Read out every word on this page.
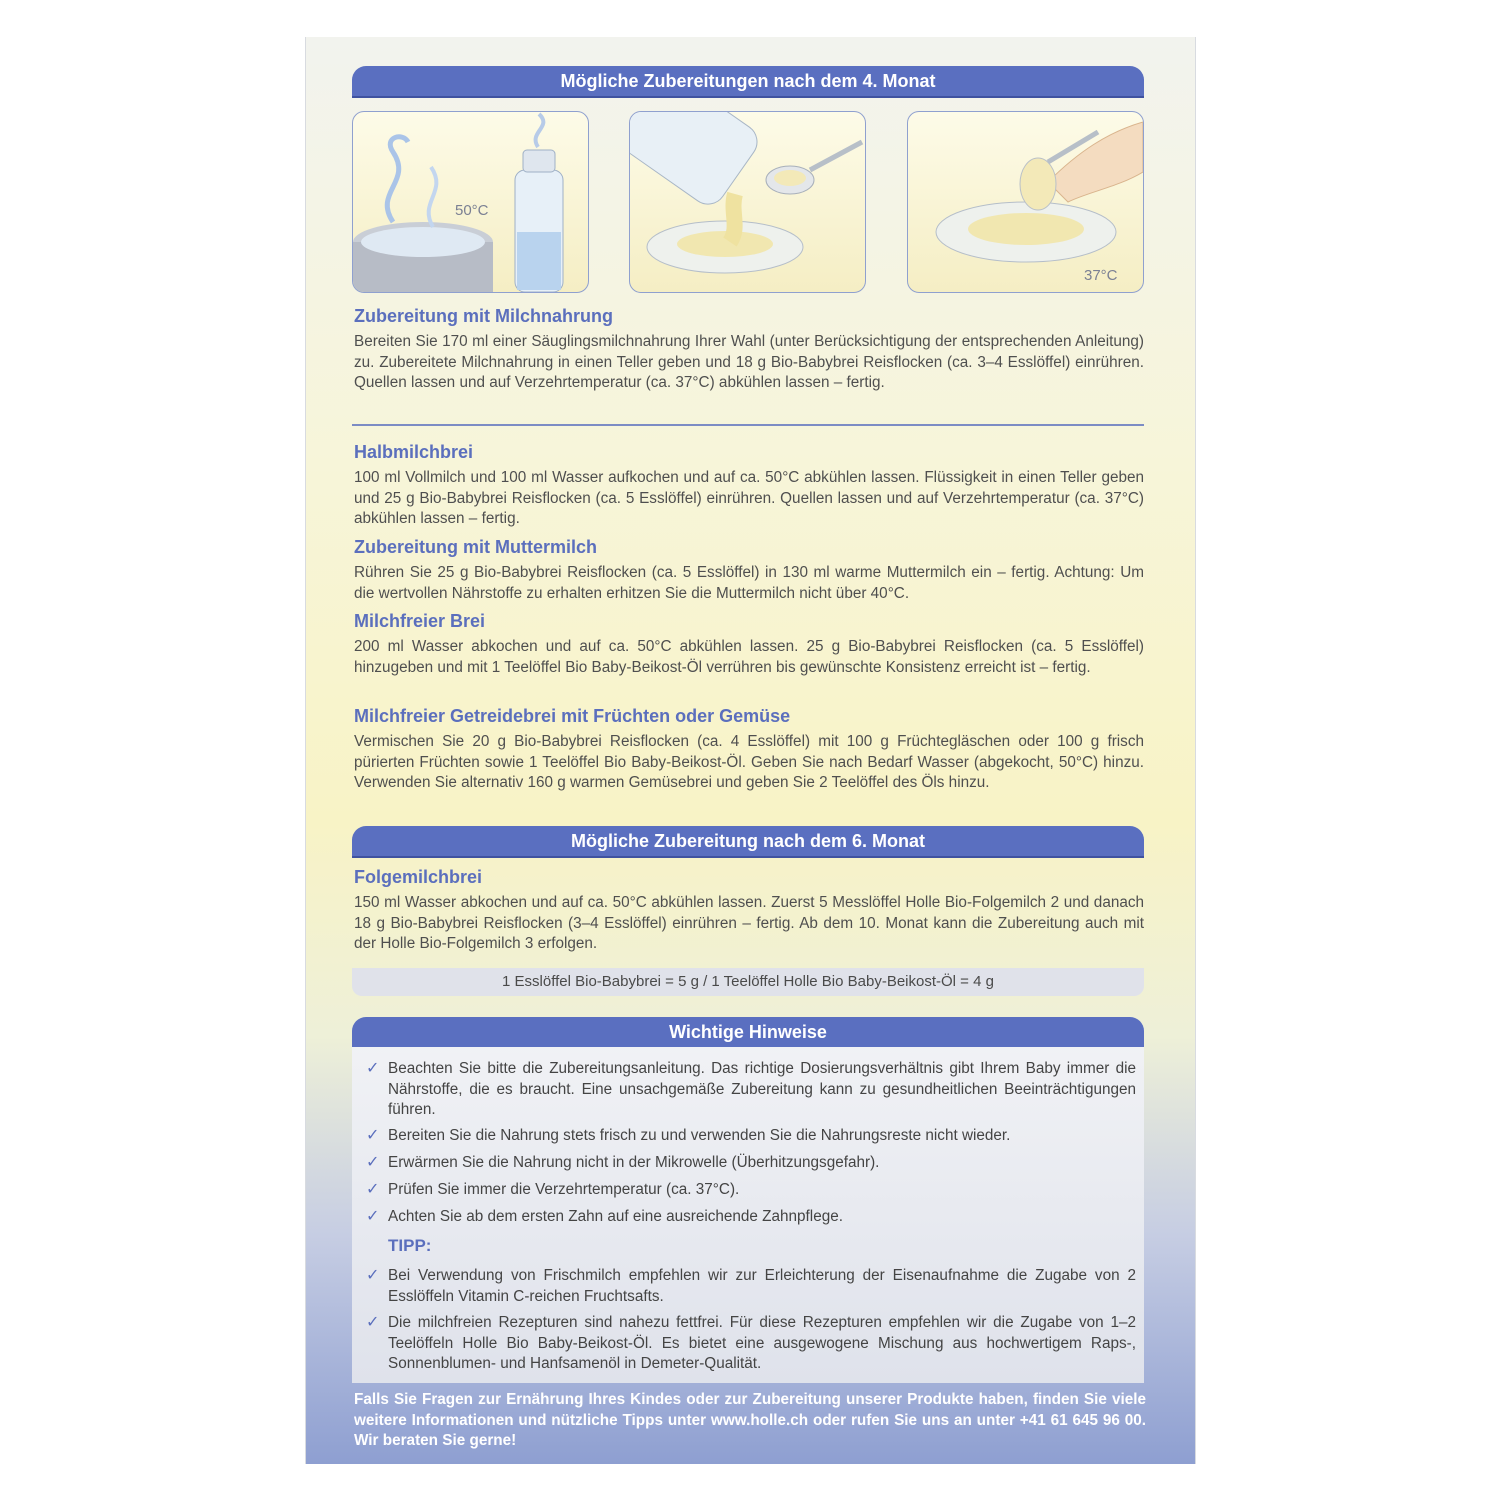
Mögliche Zubereitungen nach dem 4. Monat
50°C
37°C
Zubereitung mit Milchnahrung

Bereiten Sie 170 ml einer Säuglingsmilchnahrung Ihrer Wahl (unter Berücksichtigung der entsprechenden Anleitung) zu. Zubereitete Milchnahrung in einen Teller geben und 18 g Bio-Babybrei Reisflocken (ca. 3–4 Esslöffel) einrühren. Quellen lassen und auf Verzehrtemperatur (ca. 37°C) abkühlen lassen – fertig.

Halbmilchbrei

100 ml Vollmilch und 100 ml Wasser aufkochen und auf ca. 50°C abkühlen lassen. Flüssigkeit in einen Teller geben und 25 g Bio-Babybrei Reisflocken (ca. 5 Esslöffel) einrühren. Quellen lassen und auf Verzehrtemperatur (ca. 37°C) abkühlen lassen – fertig.

Zubereitung mit Muttermilch

Rühren Sie 25 g Bio-Babybrei Reisflocken (ca. 5 Esslöffel) in 130 ml warme Muttermilch ein – fertig. Achtung: Um die wertvollen Nährstoffe zu erhalten erhitzen Sie die Muttermilch nicht über 40°C.

Milchfreier Brei

200 ml Wasser abkochen und auf ca. 50°C abkühlen lassen. 25 g Bio-Babybrei Reisflocken (ca. 5 Esslöffel) hinzugeben und mit 1 Teelöffel Bio Baby-Beikost-Öl verrühren bis gewünschte Konsistenz erreicht ist – fertig.

Milchfreier Getreidebrei mit Früchten oder Gemüse

Vermischen Sie 20 g Bio-Babybrei Reisflocken (ca. 4 Esslöffel) mit 100 g Früchtegläschen oder 100 g frisch pürierten Früchten sowie 1 Teelöffel Bio Baby-Beikost-Öl. Geben Sie nach Bedarf Wasser (abgekocht, 50°C) hinzu. Verwenden Sie alternativ 160 g warmen Gemüsebrei und geben Sie 2 Teelöffel des Öls hinzu.

Mögliche Zubereitung nach dem 6. Monat
Folgemilchbrei

150 ml Wasser abkochen und auf ca. 50°C abkühlen lassen. Zuerst 5 Messlöffel Holle Bio-Folgemilch 2 und danach 18 g Bio-Babybrei Reisflocken (3–4 Esslöffel) einrühren – fertig. Ab dem 10. Monat kann die Zubereitung auch mit der Holle Bio-Folgemilch 3 erfolgen.

1 Esslöffel Bio-Babybrei = 5 g / 1 Teelöffel Holle Bio Baby-Beikost-Öl = 4 g
Wichtige Hinweise
✓ Beachten Sie bitte die Zubereitungsanleitung. Das richtige Dosierungsverhältnis gibt Ihrem Baby immer die Nährstoffe, die es braucht. Eine unsachgemäße Zubereitung kann zu gesundheitlichen Beeinträchtigungen führen.
✓ Bereiten Sie die Nahrung stets frisch zu und verwenden Sie die Nahrungsreste nicht wieder.
✓ Erwärmen Sie die Nahrung nicht in der Mikrowelle (Überhitzungsgefahr).
✓ Prüfen Sie immer die Verzehrtemperatur (ca. 37°C).
✓ Achten Sie ab dem ersten Zahn auf eine ausreichende Zahnpflege.
TIPP:
✓ Bei Verwendung von Frischmilch empfehlen wir zur Erleichterung der Eisenaufnahme die Zugabe von 2 Esslöffeln Vitamin C-reichen Fruchtsafts.
✓ Die milchfreien Rezepturen sind nahezu fettfrei. Für diese Rezepturen empfehlen wir die Zugabe von 1–2 Teelöffeln Holle Bio Baby-Beikost-Öl. Es bietet eine ausgewogene Mischung aus hochwertigem Raps-, Sonnenblumen- und Hanfsamenöl in Demeter-Qualität.
Falls Sie Fragen zur Ernährung Ihres Kindes oder zur Zubereitung unserer Produkte haben, finden Sie viele weitere Informationen und nützliche Tipps unter www.holle.ch oder rufen Sie uns an unter +41 61 645 96 00. Wir beraten Sie gerne!
